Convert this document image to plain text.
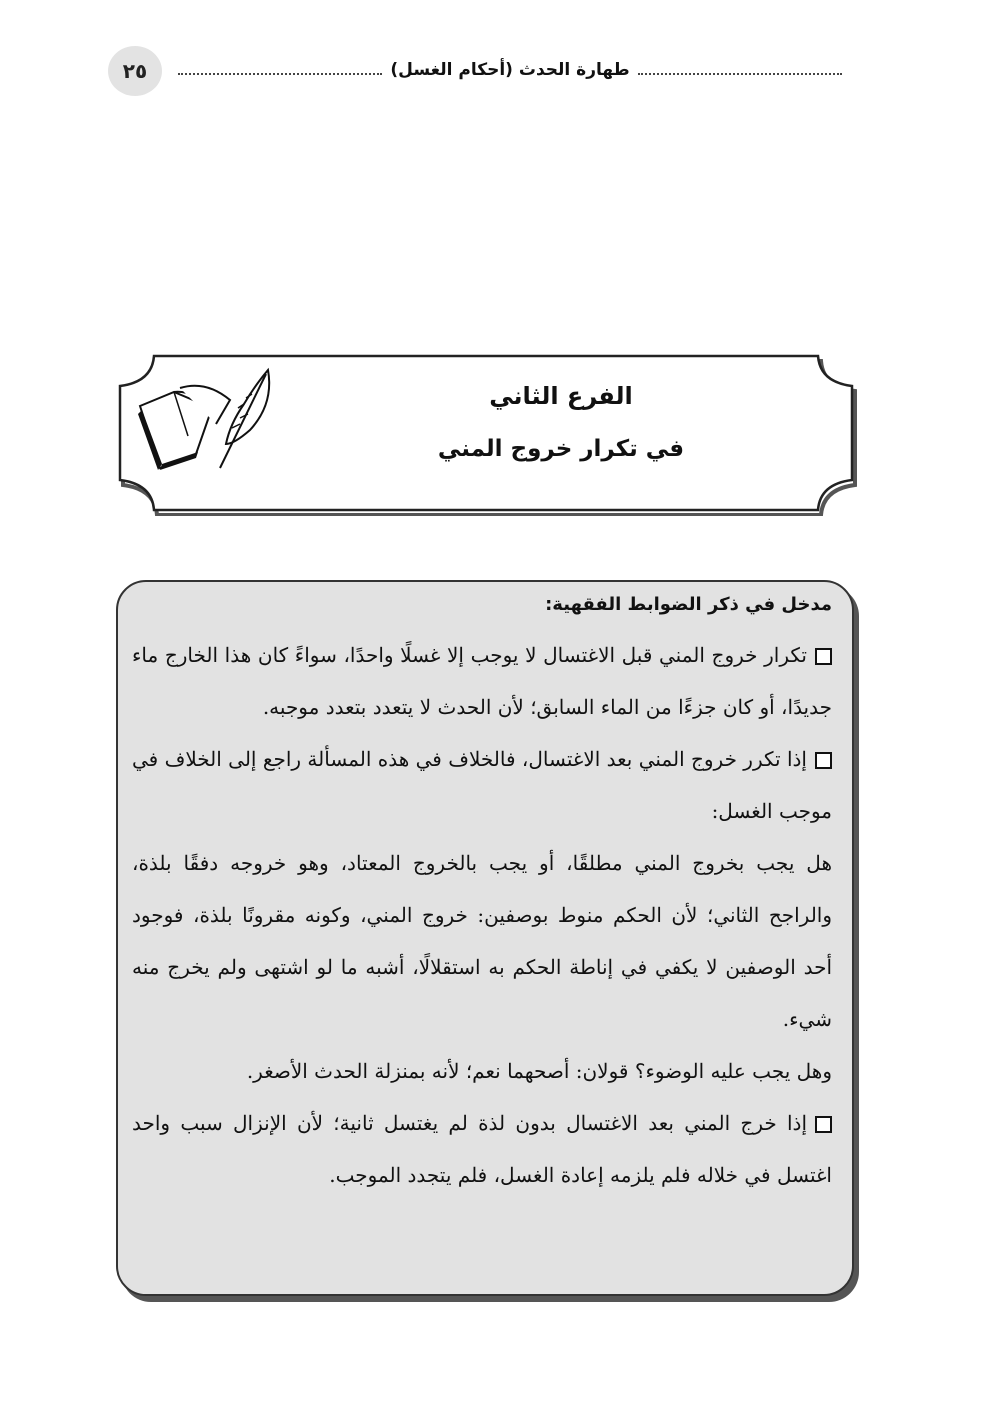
٢٥	طهارة الحدث (أحكام الغسل)

الفرع الثاني

في تكرار خروج المني

مدخل في ذكر الضوابط الفقهية:

تكرار خروج المني قبل الاغتسال لا يوجب إلا غسلًا واحدًا، سواءً كان هذا الخارج ماء جديدًا، أو كان جزءًا من الماء السابق؛ لأن الحدث لا يتعدد بتعدد موجبه.

إذا تكرر خروج المني بعد الاغتسال، فالخلاف في هذه المسألة راجع إلى الخلاف في موجب الغسل:

هل يجب بخروج المني مطلقًا، أو يجب بالخروج المعتاد، وهو خروجه دفقًا بلذة، والراجح الثاني؛ لأن الحكم منوط بوصفين: خروج المني، وكونه مقرونًا بلذة، فوجود أحد الوصفين لا يكفي في إناطة الحكم به استقلالًا، أشبه ما لو اشتهى ولم يخرج منه شيء.

وهل يجب عليه الوضوء؟ قولان: أصحهما نعم؛ لأنه بمنزلة الحدث الأصغر.

إذا خرج المني بعد الاغتسال بدون لذة لم يغتسل ثانية؛ لأن الإنزال سبب واحد اغتسل في خلاله فلم يلزمه إعادة الغسل، فلم يتجدد الموجب.
